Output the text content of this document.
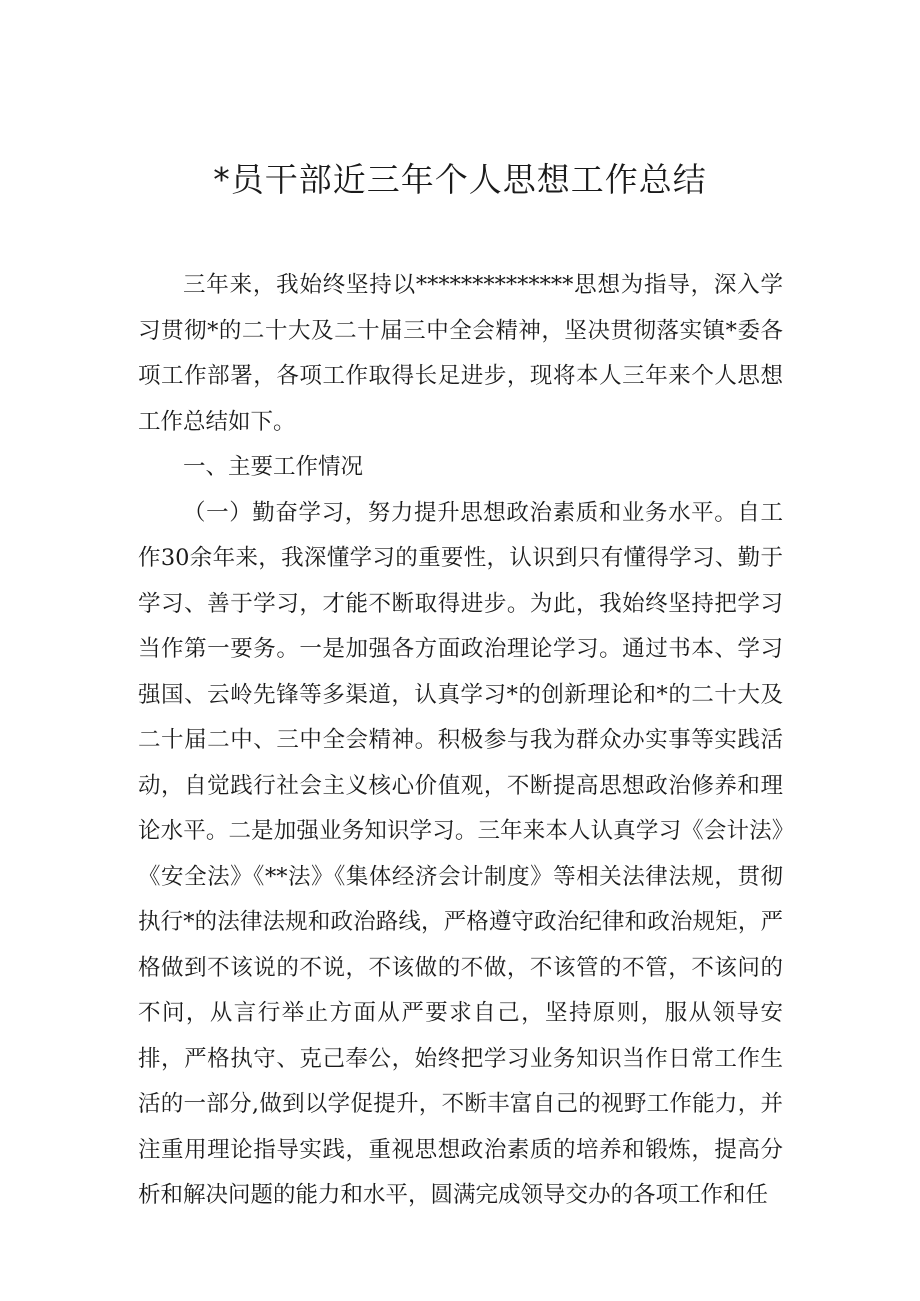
*员干部近三年个人思想工作总结

三年来，我始终坚持以**************思想为指导，深入学习贯彻*的二十大及二十届三中全会精神，坚决贯彻落实镇*委各项工作部署，各项工作取得长足进步，现将本人三年来个人思想工作总结如下。

一、主要工作情况

（一）勤奋学习，努力提升思想政治素质和业务水平。自工作30余年来，我深懂学习的重要性，认识到只有懂得学习、勤于学习、善于学习，才能不断取得进步。为此，我始终坚持把学习当作第一要务。一是加强各方面政治理论学习。通过书本、学习强国、云岭先锋等多渠道，认真学习*的创新理论和*的二十大及二十届二中、三中全会精神。积极参与我为群众办实事等实践活动，自觉践行社会主义核心价值观，不断提高思想政治修养和理论水平。二是加强业务知识学习。三年来本人认真学习《会计法》《安全法》《**法》《集体经济会计制度》等相关法律法规，贯彻执行*的法律法规和政治路线，严格遵守政治纪律和政治规矩，严格做到不该说的不说，不该做的不做，不该管的不管，不该问的不问，从言行举止方面从严要求自己，坚持原则，服从领导安排，严格执守、克己奉公，始终把学习业务知识当作日常工作生活的一部分,做到以学促提升，不断丰富自己的视野工作能力，并注重用理论指导实践，重视思想政治素质的培养和锻炼，提高分析和解决问题的能力和水平，圆满完成领导交办的各项工作和任
